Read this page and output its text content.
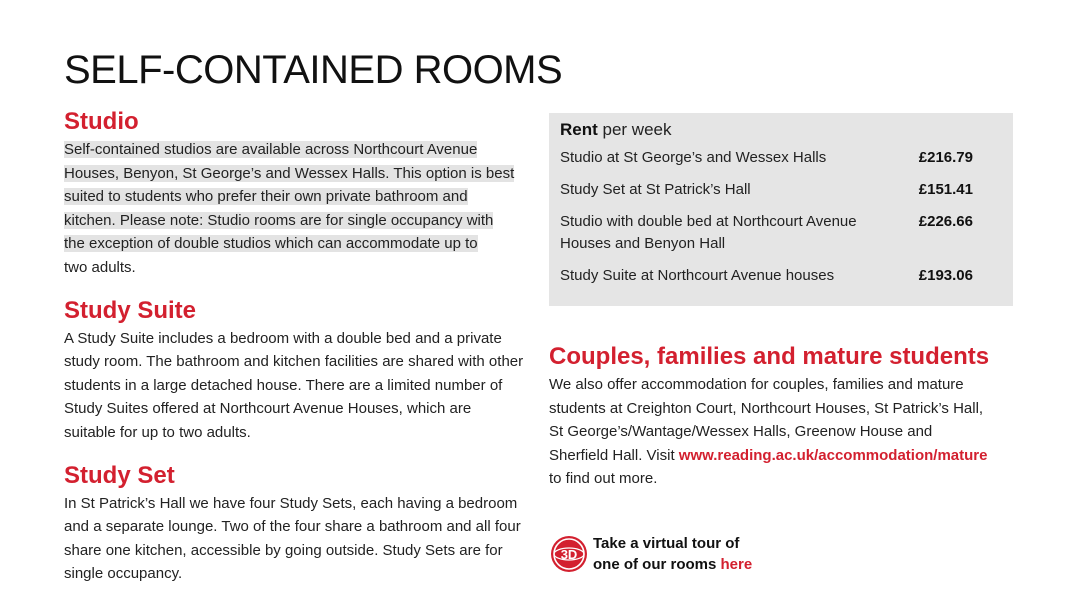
SELF-CONTAINED ROOMS
Studio

Self-contained studios are available across Northcourt Avenue
Houses, Benyon, St George’s and Wessex Halls. This option is best
suited to students who prefer their own private bathroom and
kitchen. Please note: Studio rooms are for single occupancy with
the exception of double studios which can accommodate up to
two adults.

Study Suite

A Study Suite includes a bedroom with a double bed and a private study room. The bathroom and kitchen facilities are shared with other students in a large detached house. There are a limited number of Study Suites offered at Northcourt Avenue Houses, which are suitable for up to two adults.

Study Set

In St Patrick’s Hall we have four Study Sets, each having a bedroom and a separate lounge. Two of the four share a bathroom and all four share one kitchen, accessible by going outside. Study Sets are for single occupancy.

Rent per week
Studio at St George’s and Wessex Halls	£216.79
Study Set at St Patrick’s Hall	£151.41
Studio with double bed at Northcourt Avenue Houses and Benyon Hall
£226.66
Study Suite at Northcourt Avenue houses	£193.06
Couples, families and mature students

We also offer accommodation for couples, families and mature students at Creighton Court, Northcourt Houses, St Patrick’s Hall, St George’s/Wantage/Wessex Halls, Greenow House and Sherfield Hall. Visit www.reading.ac.uk/accommodation/mature to find out more.

3D
Take a virtual tour of
one of our rooms here
